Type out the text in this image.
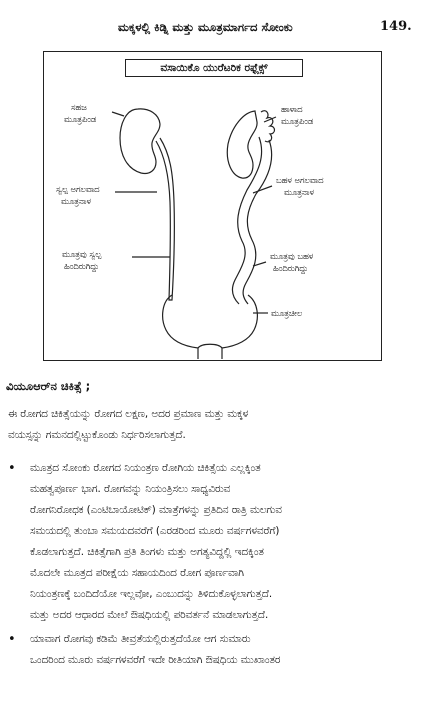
ಮಕ್ಕಳಲ್ಲಿ ಕಿಡ್ನಿ ಮತ್ತು ಮೂತ್ರಮಾರ್ಗದ ಸೋಂಕು	149.
ವಸಾಯಿಕೊ ಯುರೆಟರಿಕ ರಫ್ಲೆಕ್ಸ್
ಸಹಜ
ಮೂತ್ರಪಿಂಡ
ಹಾಳಾದ
ಮೂತ್ರಪಿಂಡ
ಸ್ವಲ್ಪ ಅಗಲವಾದ
ಮೂತ್ರನಾಳ
ಬಹಳ ಅಗಲವಾದ
ಮೂತ್ರನಾಳ
ಮೂತ್ರವು ಸ್ವಲ್ಪ
ಹಿಂದಿರುಗಿದ್ದು
ಮೂತ್ರವು ಬಹಳ
ಹಿಂದಿರುಗಿದ್ದು
ಮೂತ್ರಚೀಲ
ವಿಯೂಆರ್‌ನ ಚಿಕಿತ್ಸೆ ;
ಈ ರೋಗದ ಚಿಕಿತ್ಸೆಯನ್ನು ರೋಗದ ಲಕ್ಷಣ, ಅದರ ಪ್ರಮಾಣ ಮತ್ತು ಮಕ್ಕಳ
ವಯಸ್ಸನ್ನು ಗಮನದಲ್ಲಿಟ್ಟುಕೊಂಡು ನಿರ್ಧರಿಸಲಾಗುತ್ತದೆ.
• ಮೂತ್ರದ ಸೋಂಕು ರೋಗದ ನಿಯಂತ್ರಣ ರೋಗಿಯ ಚಿಕಿತ್ಸೆಯ ಎಲ್ಲಕ್ಕಿಂತ
ಮಹತ್ವಪೂರ್ಣ ಭಾಗ. ರೋಗವನ್ನು ನಿಯಂತ್ರಿಸಲು ಸಾಧ್ಯವಿರುವ
ರೋಗನಿರೋಧಕ (ಎಂಟಿಬಾಯೋಟಿಕ್) ಮಾತ್ರೆಗಳನ್ನು ಪ್ರತಿದಿನ ರಾತ್ರಿ ಮಲಗುವ
ಸಮಯದಲ್ಲಿ ತುಂಬಾ ಸಮಯದವರೆಗೆ (ಎರಡರಿಂದ ಮೂರು ವರ್ಷಗಳವರೆಗೆ)
ಕೊಡಲಾಗುತ್ತದೆ. ಚಿಕಿತ್ಸೆಗಾಗಿ ಪ್ರತಿ ತಿಂಗಳು ಮತ್ತು ಅಗತ್ಯವಿದ್ದಲ್ಲಿ ಇದಕ್ಕಿಂತ
ಮೊದಲೇ ಮೂತ್ರದ ಪರೀಕ್ಷೆಯ ಸಹಾಯದಿಂದ ರೋಗ ಪೂರ್ಣವಾಗಿ
ನಿಯಂತ್ರಣಕ್ಕೆ ಬಂದಿದೆಯೋ ಇಲ್ಲವೋ, ಎಂಬುದನ್ನು ತಿಳಿದುಕೊಳ್ಳಲಾಗುತ್ತದೆ.
ಮತ್ತು ಅದರ ಆಧಾರದ ಮೇಲೆ ಔಷಧಿಯಲ್ಲಿ ಪರಿವರ್ತನೆ ಮಾಡಲಾಗುತ್ತದೆ.
• ಯಾವಾಗ ರೋಗವು ಕಡಿಮೆ ತೀವ್ರತೆಯಲ್ಲಿರುತ್ತದೆಯೋ ಆಗ ಸುಮಾರು
ಒಂದರಿಂದ ಮೂರು ವರ್ಷಗಳವರೆಗೆ ಇದೇ ರೀತಿಯಾಗಿ ಔಷಧಿಯ ಮುಖಾಂತರ
